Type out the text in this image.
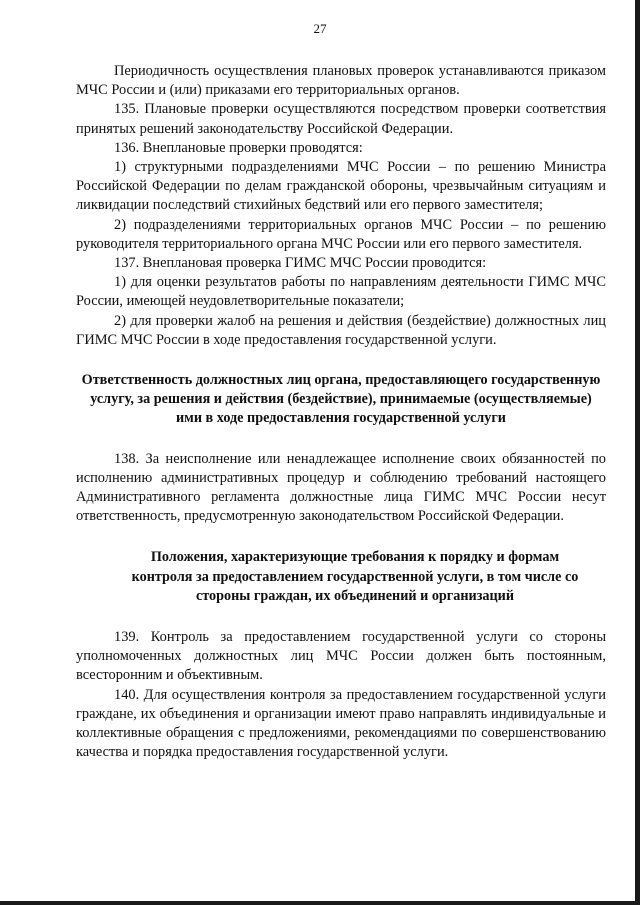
27

Периодичность осуществления плановых проверок устанавливаются приказом МЧС России и (или) приказами его территориальных органов.

135. Плановые проверки осуществляются посредством проверки соответствия принятых решений законодательству Российской Федерации.

136. Внеплановые проверки проводятся:

1) структурными подразделениями МЧС России – по решению Министра Российской Федерации по делам гражданской обороны, чрезвычайным ситуациям и ликвидации последствий стихийных бедствий или его первого заместителя;

2) подразделениями территориальных органов МЧС России – по решению руководителя территориального органа МЧС России или его первого заместителя.

137. Внеплановая проверка ГИМС МЧС России проводится:

1) для оценки результатов работы по направлениям деятельности ГИМС МЧС России, имеющей неудовлетворительные показатели;

2) для проверки жалоб на решения и действия (бездействие) должностных лиц ГИМС МЧС России в ходе предоставления государственной услуги.

Ответственность должностных лиц органа, предоставляющего государственную услугу, за решения и действия (бездействие), принимаемые (осуществляемые) ими в ходе предоставления государственной услуги

138. За неисполнение или ненадлежащее исполнение своих обязанностей по исполнению административных процедур и соблюдению требований настоящего Административного регламента должностные лица ГИМС МЧС России несут ответственность, предусмотренную законодательством Российской Федерации.

Положения, характеризующие требования к порядку и формам контроля за предоставлением государственной услуги, в том числе со стороны граждан, их объединений и организаций

139. Контроль за предоставлением государственной услуги со стороны уполномоченных должностных лиц МЧС России должен быть постоянным, всесторонним и объективным.

140. Для осуществления контроля за предоставлением государственной услуги граждане, их объединения и организации имеют право направлять индивидуальные и коллективные обращения с предложениями, рекомендациями по совершенствованию качества и порядка предоставления государственной услуги.
